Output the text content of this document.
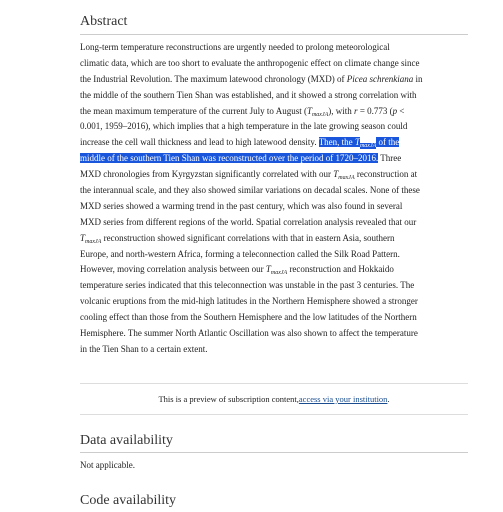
Abstract
Long-term temperature reconstructions are urgently needed to prolong meteorological
climatic data, which are too short to evaluate the anthropogenic effect on climate change since
the Industrial Revolution. The maximum latewood chronology (MXD) of Picea schrenkiana in
the middle of the southern Tien Shan was established, and it showed a strong correlation with
the mean maximum temperature of the current July to August $(T_{maxJA})$, with r = 0.773 (p <
0.001, 1959–2016), which implies that a high temperature in the late growing season could
increase the cell wall thickness and lead to high latewood density. Then, the $T_{maxJA}$ of the
middle of the southern Tien Shan was reconstructed over the period of 1720–2016. Three
MXD chronologies from Kyrgyzstan significantly correlated with our $T_{maxJA}$ reconstruction at
the interannual scale, and they also showed similar variations on decadal scales. None of these
MXD series showed a warming trend in the past century, which was also found in several
MXD series from different regions of the world. Spatial correlation analysis revealed that our
$T_{maxJA}$ reconstruction showed significant correlations with that in eastern Asia, southern
Europe, and north-western Africa, forming a teleconnection called the Silk Road Pattern.
However, moving correlation analysis between our $T_{maxJA}$ reconstruction and Hokkaido
temperature series indicated that this teleconnection was unstable in the past 3 centuries. The
volcanic eruptions from the mid-high latitudes in the Northern Hemisphere showed a stronger
cooling effect than those from the Southern Hemisphere and the low latitudes of the Northern
Hemisphere. The summer North Atlantic Oscillation was also shown to affect the temperature
in the Tien Shan to a certain extent.
This is a preview of subscription content, access via your institution .
Data availability

Not applicable.

Code availability
